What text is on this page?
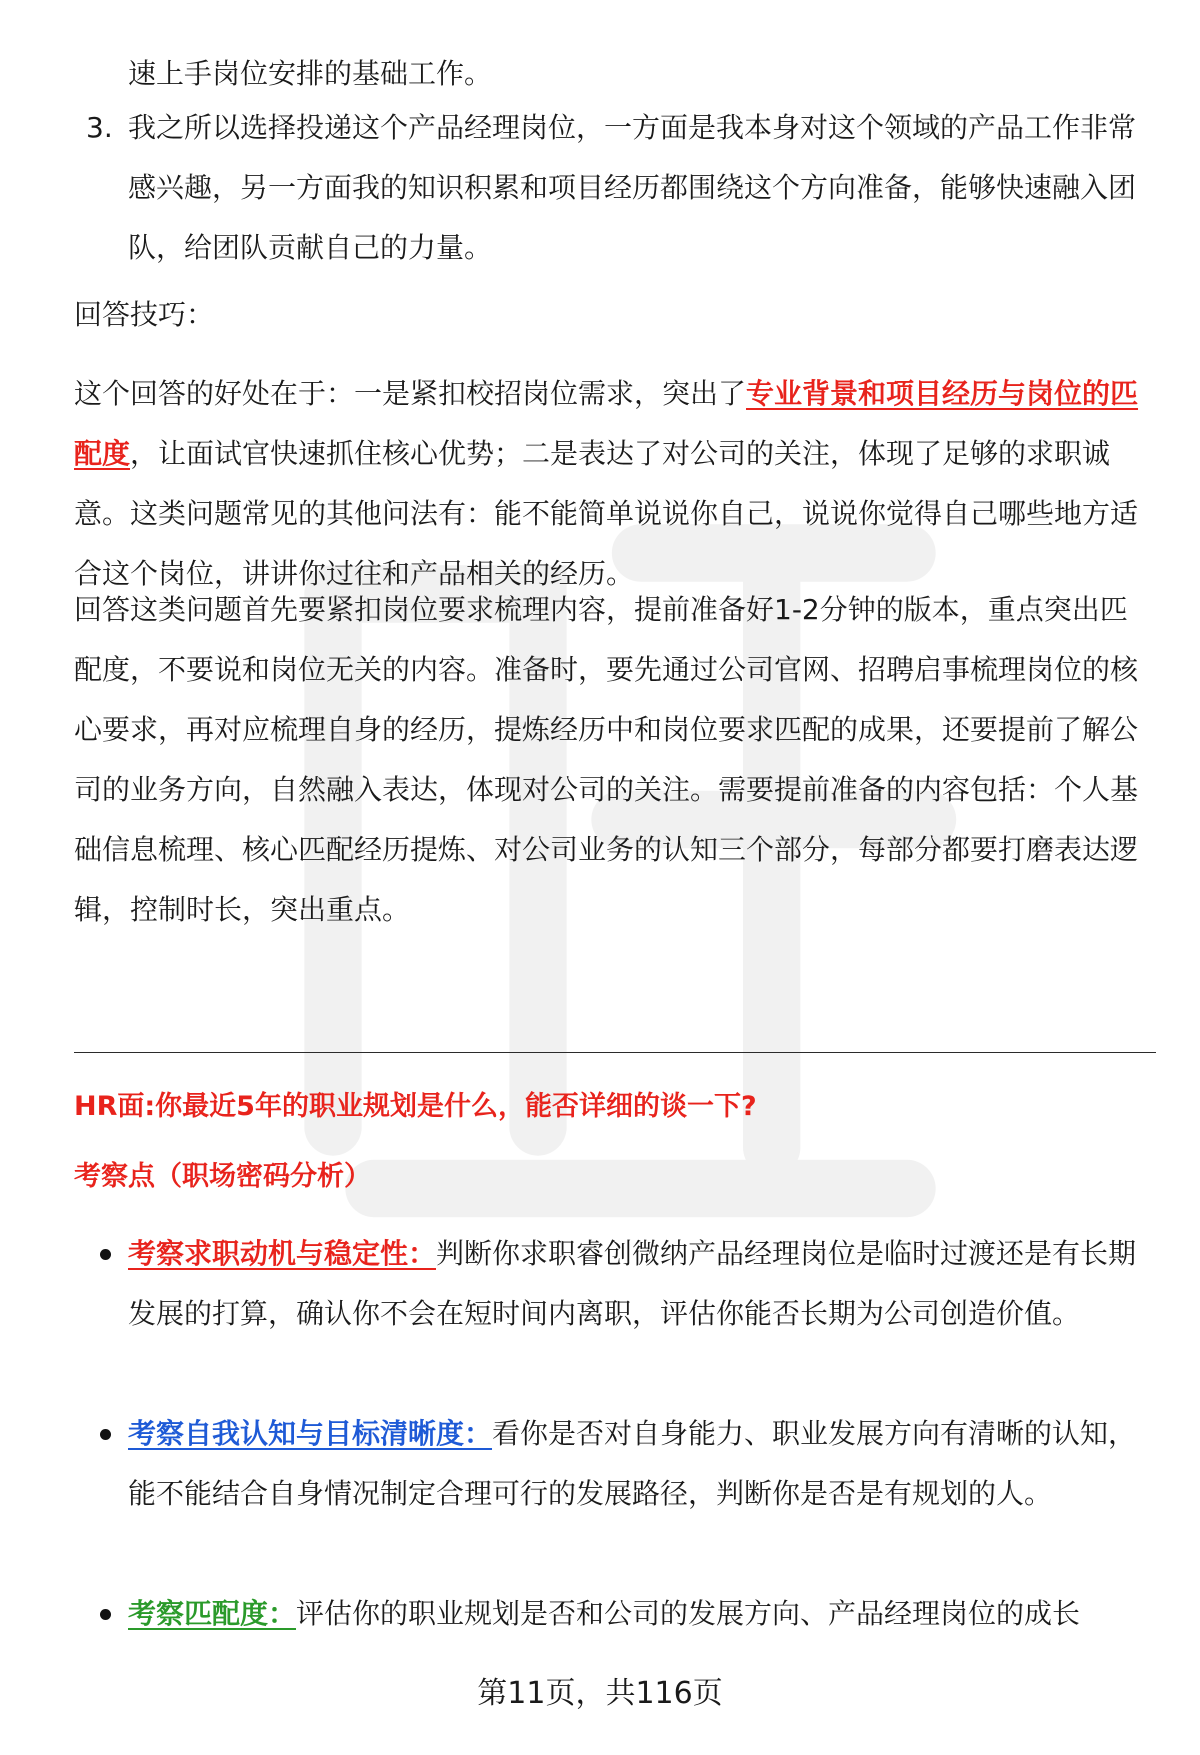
速上手岗位安排的基础工作。
3. 我之所以选择投递这个产品经理岗位，一方面是我本身对这个领域的产品工作非常感兴趣，另一方面我的知识积累和项目经历都围绕这个方向准备，能够快速融入团队，给团队贡献自己的力量。
回答技巧：
这个回答的好处在于：一是紧扣校招岗位需求，突出了专业背景和项目经历与岗位的匹配度，让面试官快速抓住核心优势；二是表达了对公司的关注，体现了足够的求职诚意。这类问题常见的其他问法有：能不能简单说说你自己，说说你觉得自己哪些地方适合这个岗位，讲讲你过往和产品相关的经历。
回答这类问题首先要紧扣岗位要求梳理内容，提前准备好1-2分钟的版本，重点突出匹配度，不要说和岗位无关的内容。准备时，要先通过公司官网、招聘启事梳理岗位的核心要求，再对应梳理自身的经历，提炼经历中和岗位要求匹配的成果，还要提前了解公司的业务方向，自然融入表达，体现对公司的关注。需要提前准备的内容包括：个人基础信息梳理、核心匹配经历提炼、对公司业务的认知三个部分，每部分都要打磨表达逻辑，控制时长，突出重点。
HR面:你最近5年的职业规划是什么，能否详细的谈一下?
考察点（职场密码分析）
考察求职动机与稳定性：判断你求职睿创微纳产品经理岗位是临时过渡还是有长期发展的打算，确认你不会在短时间内离职，评估你能否长期为公司创造价值。
考察自我认知与目标清晰度：看你是否对自身能力、职业发展方向有清晰的认知，能不能结合自身情况制定合理可行的发展路径，判断你是否是有规划的人。
考察匹配度：评估你的职业规划是否和公司的发展方向、产品经理岗位的成长
第11页，共116页
